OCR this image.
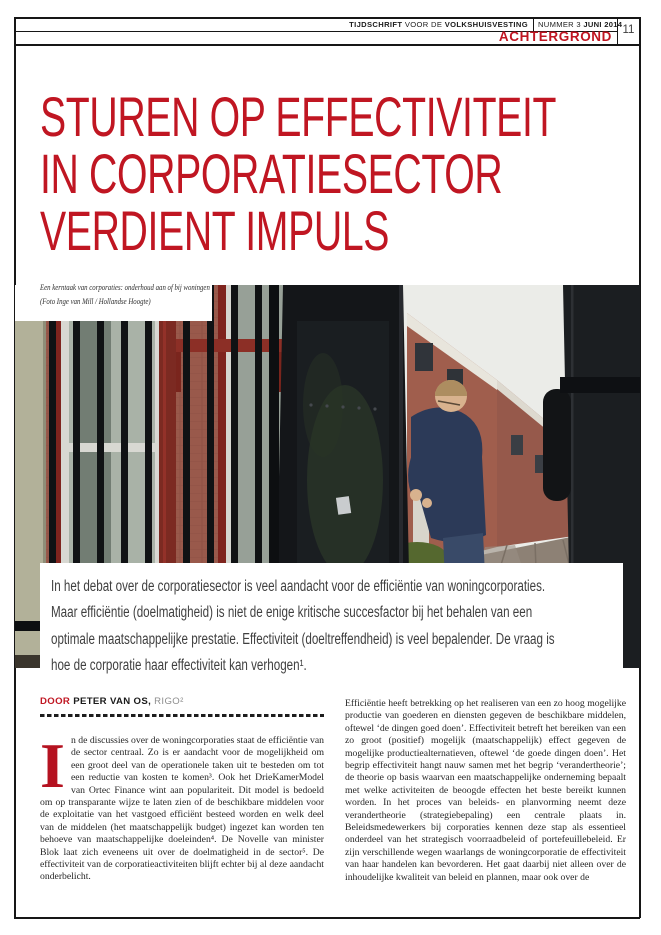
TIJDSCHRIFT VOOR DE VOLKSHUISVESTING NUMMER 3 JUNI 2014
ACHTERGROND 11
STUREN OP EFFECTIVITEIT
IN CORPORATIESECTOR
VERDIENT IMPULS
Een kerntaak van corporaties: onderhoud aan of bij woningen
(Foto Inge van Mill / Hollandse Hoogte)
In het debat over de corporatiesector is veel aandacht voor de efficiëntie van woningcorporaties.
Maar efficiëntie (doelmatigheid) is niet de enige kritische succesfactor bij het behalen van een
optimale maatschappelijke prestatie. Effectiviteit (doeltreffendheid) is veel bepalender. De vraag is
hoe de corporatie haar effectiviteit kan verhogen¹.
DOOR PETER VAN OS, RIGO²
In de discussies over de woningcorporaties staat de efficiëntie van de sector centraal. Zo is er aandacht voor de mogelijkheid om een groot deel van de operationele taken uit te besteden om tot een reductie van kosten te komen³. Ook het DrieKamerModel van Ortec Finance wint aan populariteit. Dit model is bedoeld om op transparante wijze te laten zien of de beschikbare middelen voor de exploitatie van het vastgoed efficiënt besteed worden en welk deel van de middelen (het maatschappelijk budget) ingezet kan worden ten behoeve van maatschappelijke doeleinden⁴. De Novelle van minister Blok laat zich eveneens uit over de doelmatigheid in de sector⁵. De effectiviteit van de corporatieactiviteiten blijft echter bij al deze aandacht onderbelicht.
Efficiëntie heeft betrekking op het realiseren van een zo hoog mogelijke productie van goederen en diensten gegeven de beschikbare middelen, oftewel ‘de dingen goed doen’. Effectiviteit betreft het bereiken van een zo groot (positief) mogelijk (maatschappelijk) effect gegeven de mogelijke productiealternatieven, oftewel ‘de goede dingen doen’. Het begrip effectiviteit hangt nauw samen met het begrip ‘verandertheorie’; de theorie op basis waarvan een maatschappelijke onderneming bepaalt met welke activiteiten de beoogde effecten het beste bereikt kunnen worden. In het proces van beleids- en planvorming neemt deze verandertheorie (strategiebepaling) een centrale plaats in. Beleidsmedewerkers bij corporaties kennen deze stap als essentieel onderdeel van het strategisch voorraadbeleid of portefeuillebeleid. Er zijn verschillende wegen waarlangs de woningcorporatie de effectiviteit van haar handelen kan bevorderen. Het gaat daarbij niet alleen over de inhoudelijke kwaliteit van beleid en plannen, maar ook over de
